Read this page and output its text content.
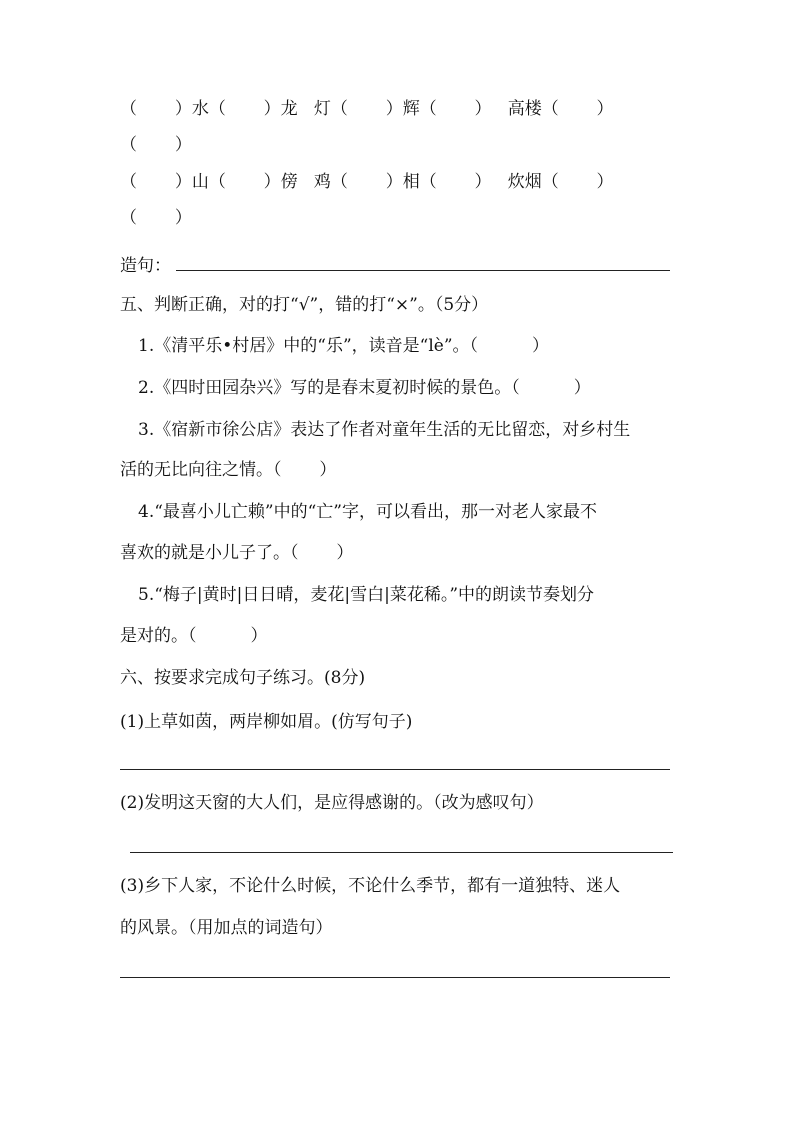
（       ）水（       ）龙   灯（       ）辉（       ）   高楼（       ）
（       ）
（       ）山（       ）傍   鸡（       ）相（       ）   炊烟（       ）
（       ）
造句：
五、判断正确，对的打“√”，错的打“×”。（5分）
1.《清平乐•村居》中的“乐”，读音是“lè”。（          ）
2.《四时田园杂兴》写的是春末夏初时候的景色。（          ）
3.《宿新市徐公店》表达了作者对童年生活的无比留恋，对乡村生
活的无比向往之情。（       ）
4.“最喜小儿亡赖”中的“亡”字，可以看出，那一对老人家最不
喜欢的就是小儿子了。（       ）
5.“梅子|黄时|日日晴，麦花|雪白|菜花稀。”中的朗读节奏划分
是对的。（          ）
六、按要求完成句子练习。(8分)
(1)上草如茵，两岸柳如眉。(仿写句子)
(2)发明这天窗的大人们，是应得感谢的。（改为感叹句）
(3)乡下人家，不论什么时候，不论什么季节，都有一道独特、迷人
的风景。（用加点的词造句）
